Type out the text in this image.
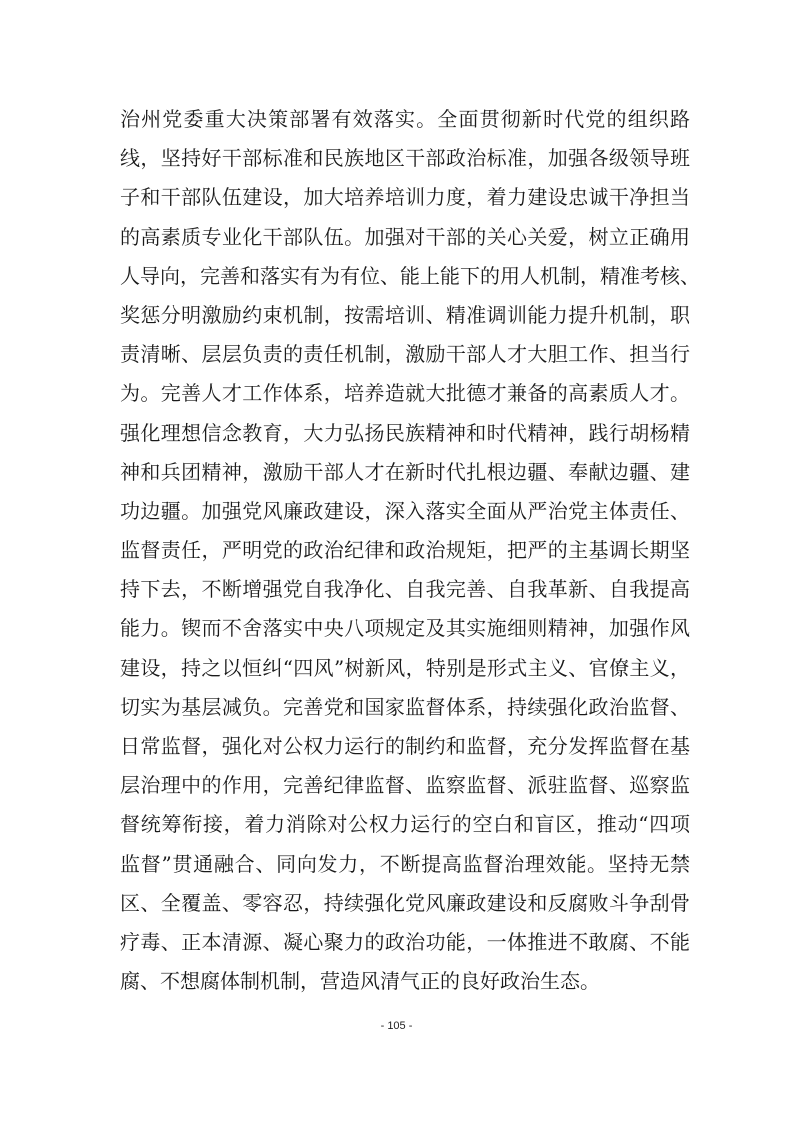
治州党委重大决策部署有效落实。全面贯彻新时代党的组织路
线，坚持好干部标准和民族地区干部政治标准，加强各级领导班
子和干部队伍建设，加大培养培训力度，着力建设忠诚干净担当
的高素质专业化干部队伍。加强对干部的关心关爱，树立正确用
人导向，完善和落实有为有位、能上能下的用人机制，精准考核、
奖惩分明激励约束机制，按需培训、精准调训能力提升机制，职
责清晰、层层负责的责任机制，激励干部人才大胆工作、担当行
为。完善人才工作体系，培养造就大批德才兼备的高素质人才。
强化理想信念教育，大力弘扬民族精神和时代精神，践行胡杨精
神和兵团精神，激励干部人才在新时代扎根边疆、奉献边疆、建
功边疆。加强党风廉政建设，深入落实全面从严治党主体责任、
监督责任，严明党的政治纪律和政治规矩，把严的主基调长期坚
持下去，不断增强党自我净化、自我完善、自我革新、自我提高
能力。锲而不舍落实中央八项规定及其实施细则精神，加强作风
建设，持之以恒纠“四风”树新风，特别是形式主义、官僚主义，
切实为基层减负。完善党和国家监督体系，持续强化政治监督、
日常监督，强化对公权力运行的制约和监督，充分发挥监督在基
层治理中的作用，完善纪律监督、监察监督、派驻监督、巡察监
督统筹衔接，着力消除对公权力运行的空白和盲区，推动“四项
监督”贯通融合、同向发力，不断提高监督治理效能。坚持无禁
区、全覆盖、零容忍，持续强化党风廉政建设和反腐败斗争刮骨
疗毒、正本清源、凝心聚力的政治功能，一体推进不敢腐、不能
腐、不想腐体制机制，营造风清气正的良好政治生态。
- 105 -
